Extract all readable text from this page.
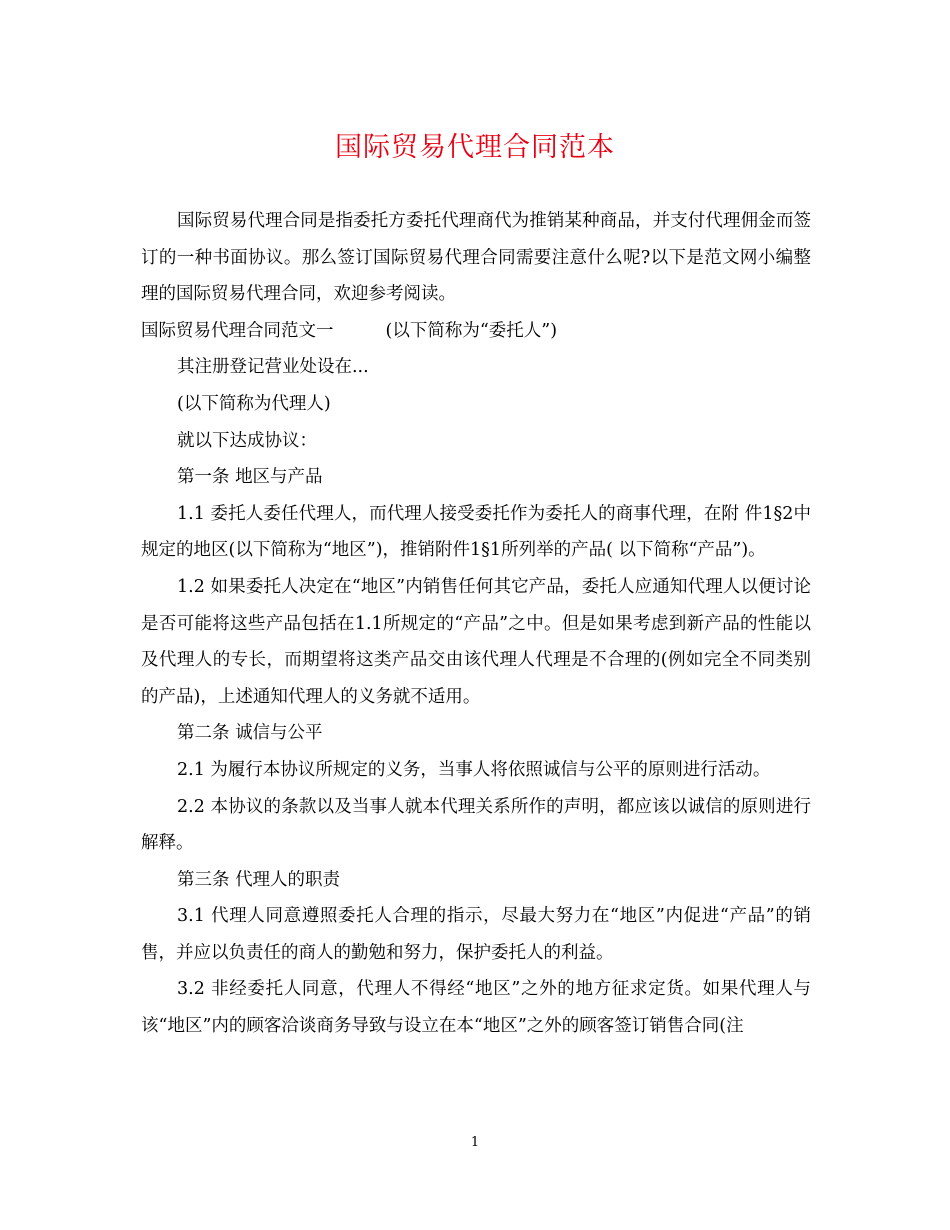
国际贸易代理合同范本

国际贸易代理合同是指委托方委托代理商代为推销某种商品，并支付代理佣金而签订的一种书面协议。那么签订国际贸易代理合同需要注意什么呢?以下是范文网小编整理的国际贸易代理合同，欢迎参考阅读。

国际贸易代理合同范文一	(以下简称为“委托人”)

其注册登记营业处设在...

(以下简称为代理人)

就以下达成协议：

第一条 地区与产品

1.1 委托人委任代理人，而代理人接受委托作为委托人的商事代理，在附 件1§2中规定的地区(以下简称为“地区”)，推销附件1§1所列举的产品( 以下简称“产品”)。

1.2 如果委托人决定在“地区”内销售任何其它产品，委托人应通知代理人以便讨论是否可能将这些产品包括在1.1所规定的“产品”之中。但是如果考虑到新产品的性能以及代理人的专长，而期望将这类产品交由该代理人代理是不合理的(例如完全不同类别的产品)，上述通知代理人的义务就不适用。

第二条 诚信与公平

2.1 为履行本协议所规定的义务，当事人将依照诚信与公平的原则进行活动。

2.2 本协议的条款以及当事人就本代理关系所作的声明，都应该以诚信的原则进行解释。

第三条 代理人的职责

3.1 代理人同意遵照委托人合理的指示，尽最大努力在“地区”内促进“产品”的销售，并应以负责任的商人的勤勉和努力，保护委托人的利益。

3.2 非经委托人同意，代理人不得经“地区”之外的地方征求定货。如果代理人与该“地区”内的顾客洽谈商务导致与设立在本“地区”之外的顾客签订销售合同(注

1
